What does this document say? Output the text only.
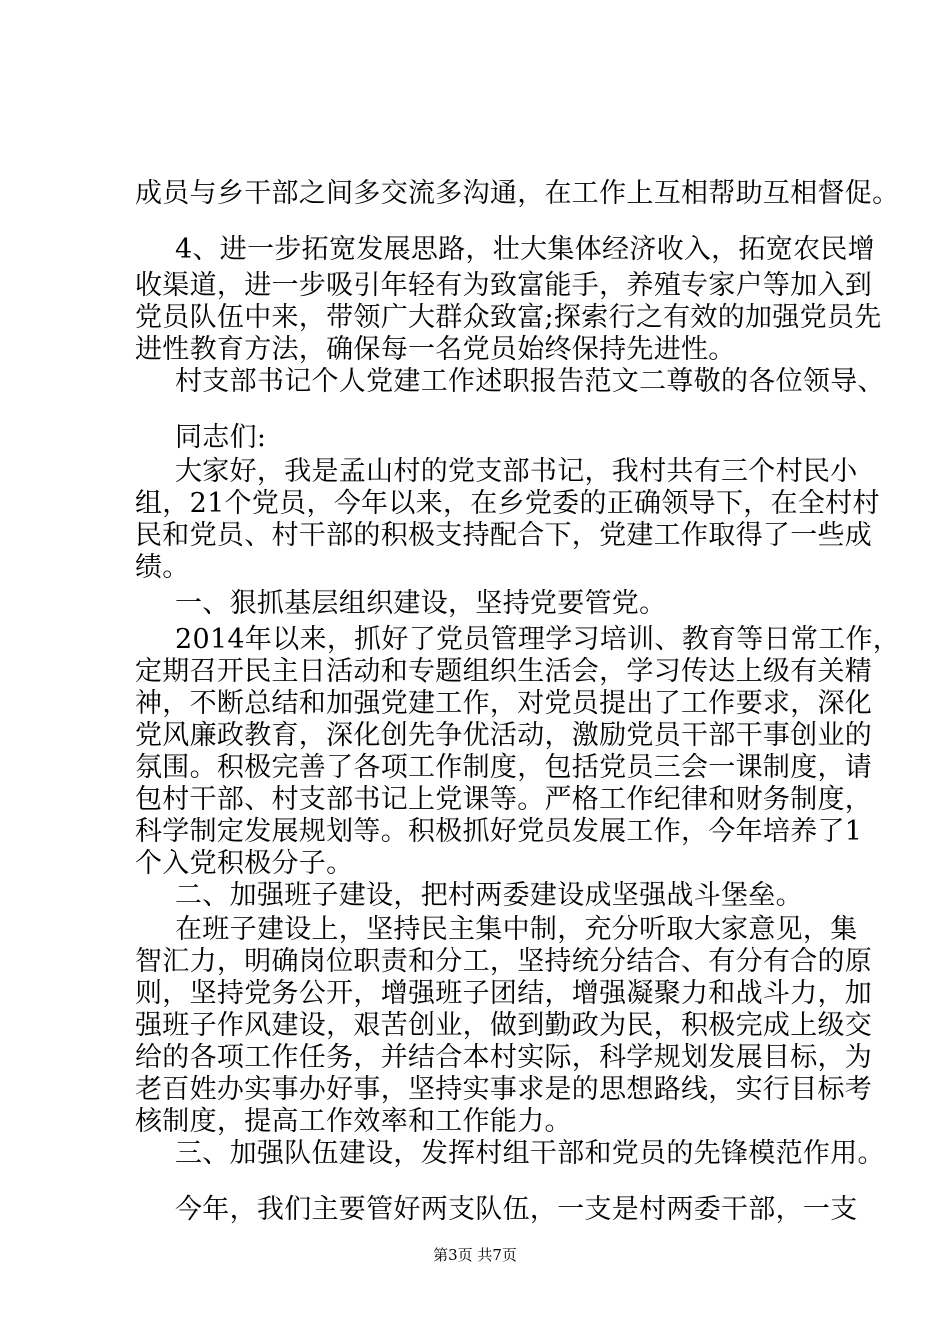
成员与乡干部之间多交流多沟通，在工作上互相帮助互相督促。
4、进一步拓宽发展思路，壮大集体经济收入，拓宽农民增
收渠道，进一步吸引年轻有为致富能手，养殖专家户等加入到
党员队伍中来，带领广大群众致富;探索行之有效的加强党员先
进性教育方法，确保每一名党员始终保持先进性。
村支部书记个人党建工作述职报告范文二尊敬的各位领导、
同志们:
大家好，我是孟山村的党支部书记，我村共有三个村民小
组，21个党员，今年以来，在乡党委的正确领导下，在全村村
民和党员、村干部的积极支持配合下，党建工作取得了一些成
绩。
一、狠抓基层组织建设，坚持党要管党。
2014年以来，抓好了党员管理学习培训、教育等日常工作，
定期召开民主日活动和专题组织生活会，学习传达上级有关精
神，不断总结和加强党建工作，对党员提出了工作要求，深化
党风廉政教育，深化创先争优活动，激励党员干部干事创业的
氛围。积极完善了各项工作制度，包括党员三会一课制度，请
包村干部、村支部书记上党课等。严格工作纪律和财务制度，
科学制定发展规划等。积极抓好党员发展工作，今年培养了1
个入党积极分子。
二、加强班子建设，把村两委建设成坚强战斗堡垒。
在班子建设上，坚持民主集中制，充分听取大家意见，集
智汇力，明确岗位职责和分工，坚持统分结合、有分有合的原
则，坚持党务公开，增强班子团结，增强凝聚力和战斗力，加
强班子作风建设，艰苦创业，做到勤政为民，积极完成上级交
给的各项工作任务，并结合本村实际，科学规划发展目标，为
老百姓办实事办好事，坚持实事求是的思想路线，实行目标考
核制度，提高工作效率和工作能力。
三、加强队伍建设，发挥村组干部和党员的先锋模范作用。
今年，我们主要管好两支队伍，一支是村两委干部，一支
第3页 共7页
